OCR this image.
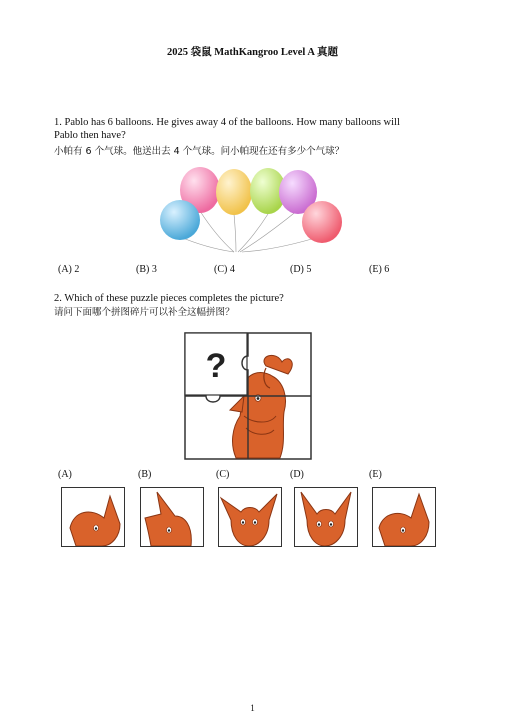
2025 袋鼠 MathKangroo Level A 真题
1. Pablo has 6 balloons. He gives away 4 of the balloons. How many balloons will
Pablo then have?
小帕有 6 个气球。他送出去 4 个气球。问小帕现在还有多少个气球？
(A) 2	(B) 3	(C) 4	(D) 5	(E) 6
2. Which of these puzzle pieces completes the picture?
请问下面哪个拼图碎片可以补全这幅拼图？
?
(A)	(B)	(C)	(D)	(E)
1
